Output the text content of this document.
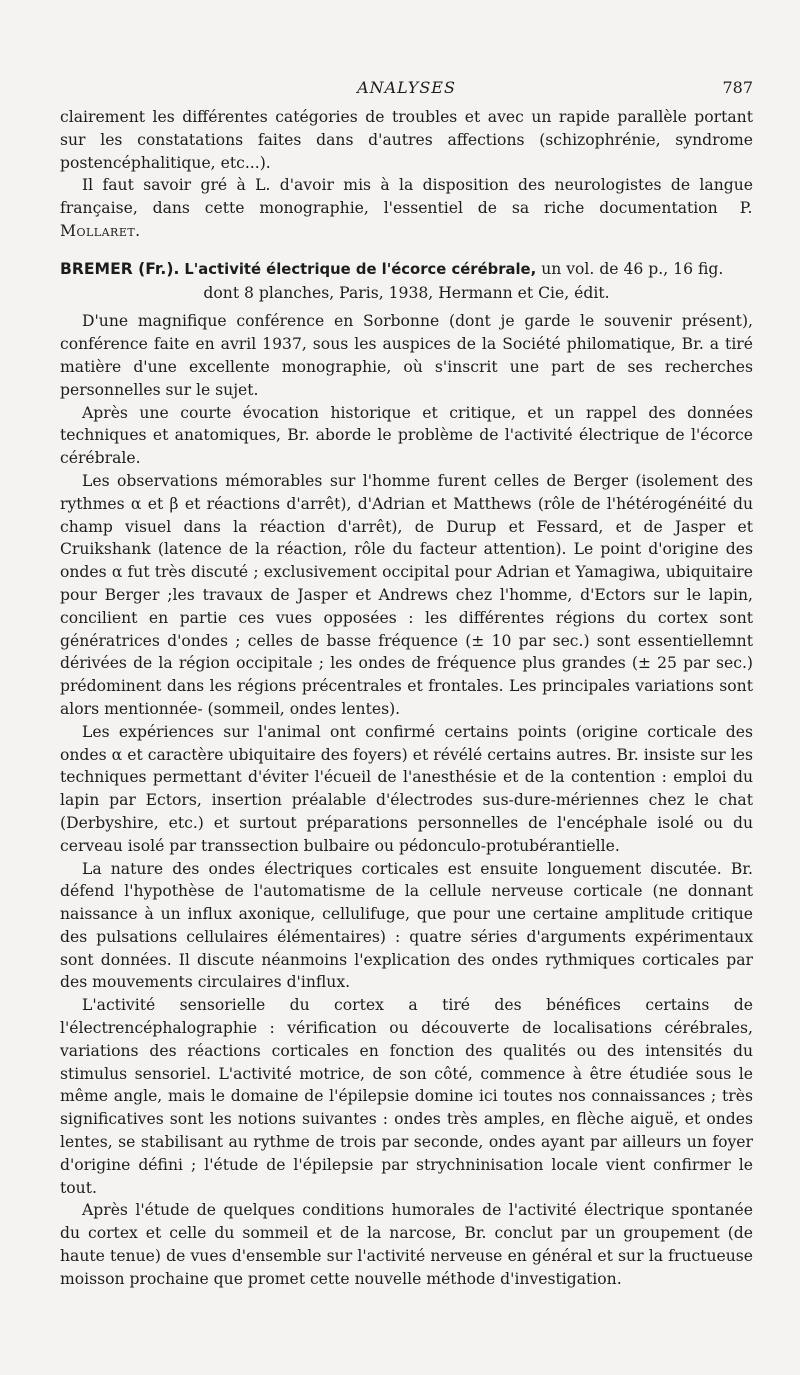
ANALYSES	787

clairement les différentes catégories de troubles et avec un rapide parallèle portant sur les constatations faites dans d'autres affections (schizophrénie, syndrome postencéphalitique, etc...).

Il faut savoir gré à L. d'avoir mis à la disposition des neurologistes de langue française, dans cette monographie, l'essentiel de sa riche documentation P. Mollaret.

BREMER (Fr.). L'activité électrique de l'écorce cérébrale, un vol. de 46 p., 16 fig.

dont 8 planches, Paris, 1938, Hermann et Cie, édit.

D'une magnifique conférence en Sorbonne (dont je garde le souvenir présent), conférence faite en avril 1937, sous les auspices de la Société philomatique, Br. a tiré matière d'une excellente monographie, où s'inscrit une part de ses recherches personnelles sur le sujet.

Après une courte évocation historique et critique, et un rappel des données techniques et anatomiques, Br. aborde le problème de l'activité électrique de l'écorce cérébrale.

Les observations mémorables sur l'homme furent celles de Berger (isolement des rythmes α et β et réactions d'arrêt), d'Adrian et Matthews (rôle de l'hétérogénéité du champ visuel dans la réaction d'arrêt), de Durup et Fessard, et de Jasper et Cruikshank (latence de la réaction, rôle du facteur attention). Le point d'origine des ondes α fut très discuté ; exclusivement occipital pour Adrian et Yamagiwa, ubiquitaire pour Berger ;les travaux de Jasper et Andrews chez l'homme, d'Ectors sur le lapin, concilient en partie ces vues opposées : les différentes régions du cortex sont génératrices d'ondes ; celles de basse fréquence (± 10 par sec.) sont essentiellemnt dérivées de la région occipitale ; les ondes de fréquence plus grandes (± 25 par sec.) prédominent dans les régions précentrales et frontales. Les principales variations sont alors mentionnée- (sommeil, ondes lentes).

Les expériences sur l'animal ont confirmé certains points (origine corticale des ondes α et caractère ubiquitaire des foyers) et révélé certains autres. Br. insiste sur les techniques permettant d'éviter l'écueil de l'anesthésie et de la contention : emploi du lapin par Ectors, insertion préalable d'électrodes sus-dure-mériennes chez le chat (Derbyshire, etc.) et surtout préparations personnelles de l'encéphale isolé ou du cerveau isolé par transsection bulbaire ou pédonculo-protubérantielle.

La nature des ondes électriques corticales est ensuite longuement discutée. Br. défend l'hypothèse de l'automatisme de la cellule nerveuse corticale (ne donnant naissance à un influx axonique, cellulifuge, que pour une certaine amplitude critique des pulsations cellulaires élémentaires) : quatre séries d'arguments expérimentaux sont données. Il discute néanmoins l'explication des ondes rythmiques corticales par des mouvements circulaires d'influx.

L'activité sensorielle du cortex a tiré des bénéfices certains de l'électrencéphalographie : vérification ou découverte de localisations cérébrales, variations des réactions corticales en fonction des qualités ou des intensités du stimulus sensoriel. L'activité motrice, de son côté, commence à être étudiée sous le même angle, mais le domaine de l'épilepsie domine ici toutes nos connaissances ; très significatives sont les notions suivantes : ondes très amples, en flèche aiguë, et ondes lentes, se stabilisant au rythme de trois par seconde, ondes ayant par ailleurs un foyer d'origine défini ; l'étude de l'épilepsie par strychninisation locale vient confirmer le tout.

Après l'étude de quelques conditions humorales de l'activité électrique spontanée du cortex et celle du sommeil et de la narcose, Br. conclut par un groupement (de haute tenue) de vues d'ensemble sur l'activité nerveuse en général et sur la fructueuse moisson prochaine que promet cette nouvelle méthode d'investigation.
